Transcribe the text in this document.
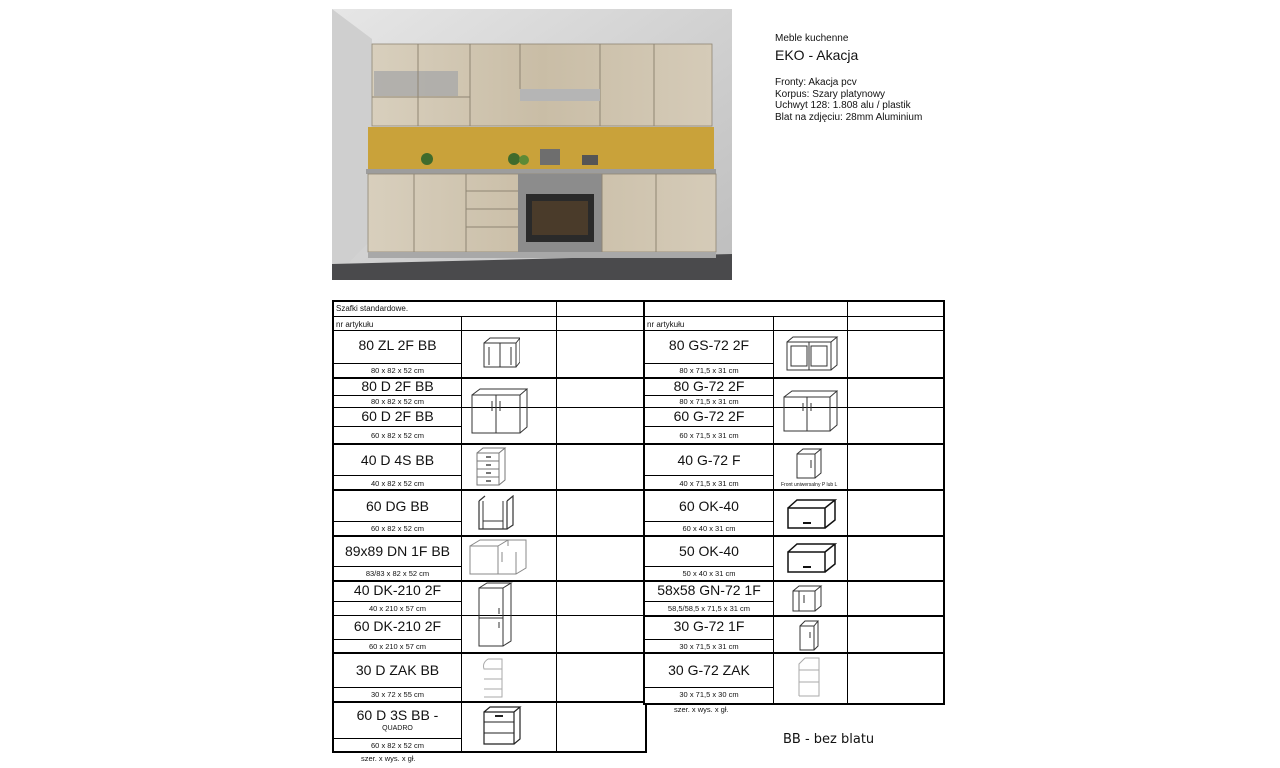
Meble kuchenne
EKO - Akacja
Fronty: Akacja pcv
Korpus: Szary platynowy
Uchwyt 128: 1.808 alu / plastik
Blat na zdjęciu: 28mm Aluminium
Szafki standardowe.
nr artykułu
80 ZL 2F BB
80 x 82 x 52 cm
80 D 2F BB
80 x 82 x 52 cm
60 D 2F BB
60 x 82 x 52 cm
40 D 4S BB
40 x 82 x 52 cm
60 DG BB
60 x 82 x 52 cm
89x89 DN 1F BB
83/83 x 82 x 52 cm
40 DK-210 2F
40 x 210 x 57 cm
60 DK-210 2F
60 x 210 x 57 cm
30 D ZAK BB
30 x 72 x 55 cm
60 D 3S BB -
QUADRO
60 x 82 x 52 cm
szer. x wys. x gł.
nr artykułu
80 GS-72 2F
80 x 71,5 x 31 cm
80 G-72 2F
80 x 71,5 x 31 cm
60 G-72 2F
60 x 71,5 x 31 cm
40 G-72 F
40 x 71,5 x 31 cm	Front uniwersalny P lub L
60 OK-40
60 x 40 x 31 cm
50 OK-40
50 x 40 x 31 cm
58x58 GN-72 1F
58,5/58,5 x 71,5 x 31 cm
30 G-72 1F
30 x 71,5 x 31 cm
30 G-72 ZAK
30 x 71,5 x 30 cm
szer. x wys. x gł.
BB - bez blatu
